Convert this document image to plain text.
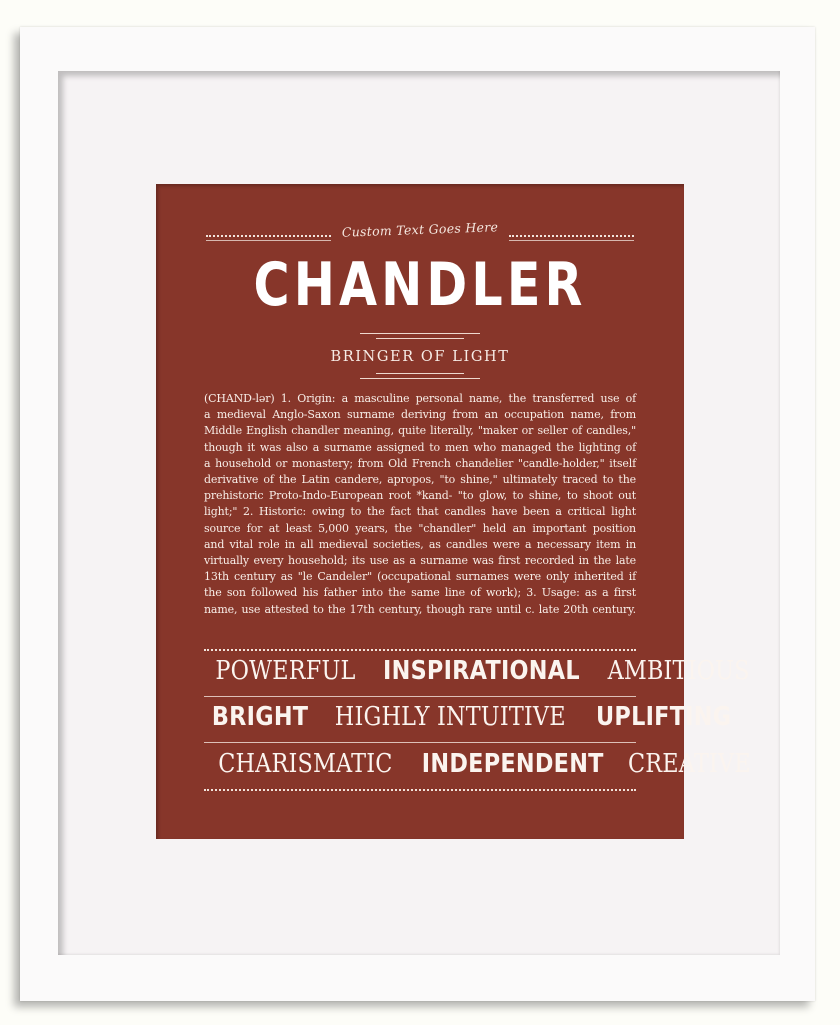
Custom Text Goes Here
CHANDLER
BRINGER OF LIGHT
(CHAND-lər) 1. Origin: a masculine personal name, the transferred use of
a medieval Anglo-Saxon surname deriving from an occupation name, from
Middle English chandler meaning, quite literally, "maker or seller of candles,"
though it was also a surname assigned to men who managed the lighting of
a household or monastery; from Old French chandelier "candle-holder," itself
derivative of the Latin candere, apropos, "to shine," ultimately traced to the
prehistoric Proto-Indo-European root *kand- "to glow, to shine, to shoot out
light;" 2. Historic: owing to the fact that candles have been a critical light
source for at least 5,000 years, the "chandler" held an important position
and vital role in all medieval societies, as candles were a necessary item in
virtually every household; its use as a surname was first recorded in the late
13th century as "le Candeler" (occupational surnames were only inherited if
the son followed his father into the same line of work); 3. Usage: as a first
name, use attested to the 17th century, though rare until c. late 20th century.
POWERFUL INSPIRATIONAL AMBITIOUS
BRIGHT HIGHLY INTUITIVE UPLIFTING
CHARISMATIC INDEPENDENT CREATIVE
